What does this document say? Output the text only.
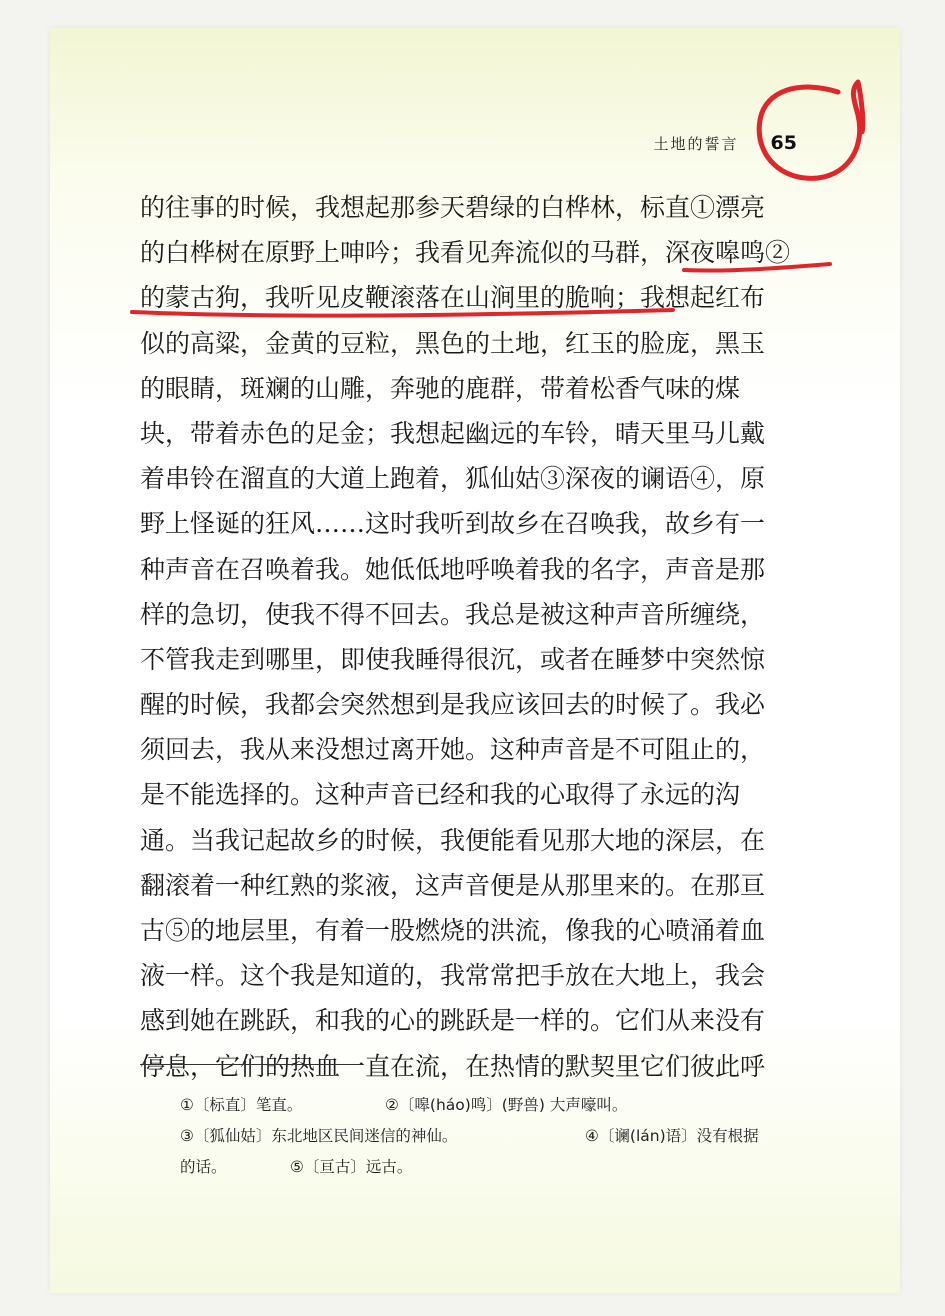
土地的誓言 65
的往事的时候，我想起那参天碧绿的白桦林，标直①漂亮
的白桦树在原野上呻吟；我看见奔流似的马群，深夜嗥鸣②
的蒙古狗，我听见皮鞭滚落在山涧里的脆响；我想起红布
似的高粱，金黄的豆粒，黑色的土地，红玉的脸庞，黑玉
的眼睛，斑斓的山雕，奔驰的鹿群，带着松香气味的煤
块，带着赤色的足金；我想起幽远的车铃，晴天里马儿戴
着串铃在溜直的大道上跑着，狐仙姑③深夜的谰语④，原
野上怪诞的狂风……这时我听到故乡在召唤我，故乡有一
种声音在召唤着我。她低低地呼唤着我的名字，声音是那
样的急切，使我不得不回去。我总是被这种声音所缠绕，
不管我走到哪里，即使我睡得很沉，或者在睡梦中突然惊
醒的时候，我都会突然想到是我应该回去的时候了。我必
须回去，我从来没想过离开她。这种声音是不可阻止的，
是不能选择的。这种声音已经和我的心取得了永远的沟
通。当我记起故乡的时候，我便能看见那大地的深层，在
翻滚着一种红熟的浆液，这声音便是从那里来的。在那亘
古⑤的地层里，有着一股燃烧的洪流，像我的心喷涌着血
液一样。这个我是知道的，我常常把手放在大地上，我会
感到她在跳跃，和我的心的跳跃是一样的。它们从来没有
停息，它们的热血一直在流，在热情的默契里它们彼此呼
①〔标直〕笔直。	②〔嗥(háo)鸣〕(野兽) 大声嚎叫。
③〔狐仙姑〕东北地区民间迷信的神仙。	④〔谰(lán)语〕没有根据
的话。	⑤〔亘古〕远古。
